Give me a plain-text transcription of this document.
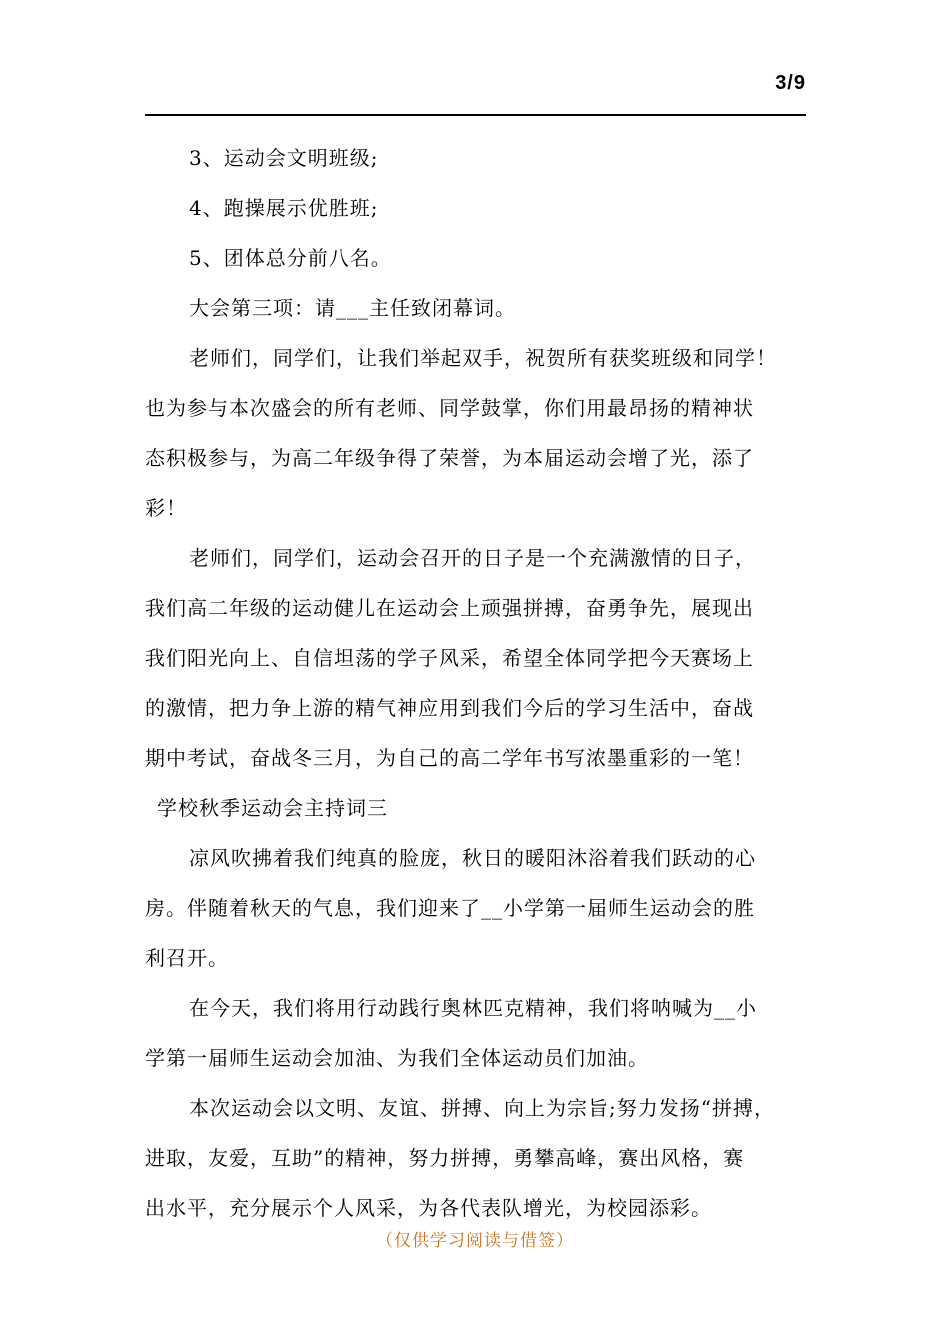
3/9

3、运动会文明班级;

4、跑操展示优胜班;

5、团体总分前八名。

大会第三项：请___主任致闭幕词。

老师们，同学们，让我们举起双手，祝贺所有获奖班级和同学！

也为参与本次盛会的所有老师、同学鼓掌，你们用最昂扬的精神状

态积极参与，为高二年级争得了荣誉，为本届运动会增了光，添了

彩！

老师们，同学们，运动会召开的日子是一个充满激情的日子，

我们高二年级的运动健儿在运动会上顽强拼搏，奋勇争先，展现出

我们阳光向上、自信坦荡的学子风采，希望全体同学把今天赛场上

的激情，把力争上游的精气神应用到我们今后的学习生活中，奋战

期中考试，奋战冬三月，为自己的高二学年书写浓墨重彩的一笔！

学校秋季运动会主持词三

凉风吹拂着我们纯真的脸庞，秋日的暖阳沐浴着我们跃动的心

房。伴随着秋天的气息，我们迎来了__小学第一届师生运动会的胜

利召开。

在今天，我们将用行动践行奥林匹克精神，我们将呐喊为__小

学第一届师生运动会加油、为我们全体运动员们加油。

本次运动会以文明、友谊、拼搏、向上为宗旨;努力发扬“拼搏，

进取，友爱，互助”的精神，努力拼搏，勇攀高峰，赛出风格，赛

出水平，充分展示个人风采，为各代表队增光，为校园添彩。

（仅供学习阅读与借签）
